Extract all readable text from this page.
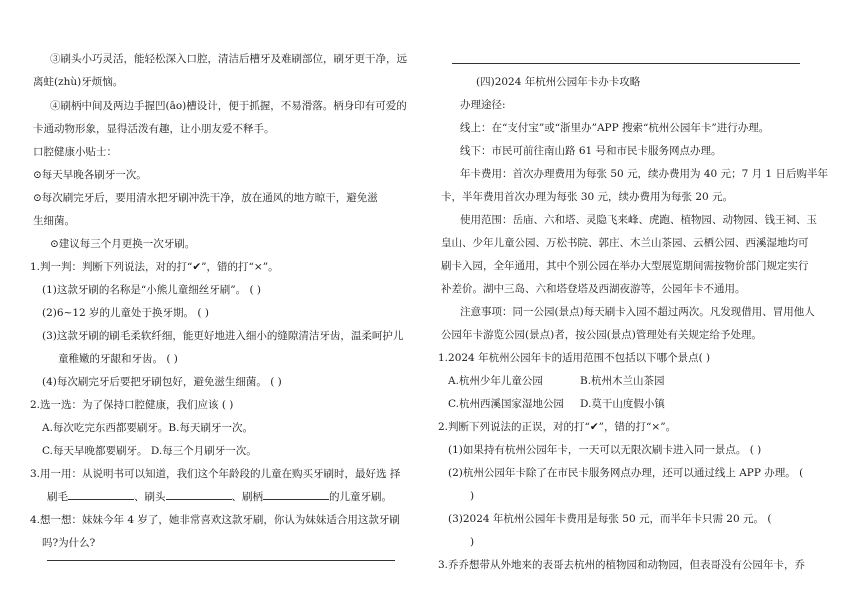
③刷头小巧灵活，能轻松深入口腔，清洁后槽牙及难刷部位，刷牙更干净，远
离蛀(zhù)牙烦恼。
④刷柄中间及两边手握凹(āo)槽设计，便于抓握，不易滑落。柄身印有可爱的
卡通动物形象，显得活泼有趣，让小朋友爱不释手。
口腔健康小贴士：
⊙每天早晚各刷牙一次。
⊙每次刷完牙后，要用清水把牙刷冲洗干净，放在通风的地方晾干，避免滋
生细菌。
⊙建议每三个月更换一次牙刷。
1.判一判：判断下列说法，对的打“✔”，错的打“×”。
(1)这款牙刷的名称是“小熊儿童细丝牙刷”。 ( )
(2)6~12 岁的儿童处于换牙期。 ( )
(3)这款牙刷的刷毛柔软纤细，能更好地进入细小的缝隙清洁牙齿，温柔呵护儿
童稚嫩的牙龈和牙齿。 ( )
(4)每次刷完牙后要把牙刷包好，避免滋生细菌。 ( )
2.选一选：为了保持口腔健康，我们应该 ( )
A.每次吃完东西都要刷牙。B.每天刷牙一次。
C.每天早晚都要刷牙。 D.每三个月刷牙一次。
3.用一用：从说明书可以知道，我们这个年龄段的儿童在购买牙刷时，最好选 择
刷毛	、刷头	、刷柄	的儿童牙刷。
4.想一想：妹妹今年 4 岁了，她非常喜欢这款牙刷，你认为妹妹适合用这款牙刷
吗?为什么?
(四)2024 年杭州公园年卡办卡攻略
办理途径:
线上：在“支付宝”或“浙里办”APP 搜索“杭州公园年卡”进行办理。
线下：市民可前往南山路 61 号和市民卡服务网点办理。
年卡费用：首次办理费用为每张 50 元，续办费用为 40 元；7 月 1 日后购半年
卡，半年费用首次办理为每张 30 元，续办费用为每张 20 元。
使用范围：岳庙、六和塔、灵隐飞来峰、虎跑、植物园、动物园、钱王祠、玉
皇山、少年儿童公园、万松书院、郭庄、木兰山茶园、云栖公园、西溪湿地均可
刷卡入园，全年通用，其中个别公园在举办大型展览期间需按物价部门规定实行
补差价。湖中三岛、六和塔登塔及西湖夜游等，公园年卡不通用。
注意事项：同一公园(景点)每天刷卡入园不超过两次。凡发现借用、冒用他人
公园年卡游览公园(景点)者，按公园(景点)管理处有关规定给予处理。
1.2024 年杭州公园年卡的适用范围不包括以下哪个景点( )
A.杭州少年儿童公园	B.杭州木兰山茶园
C.杭州西溪国家湿地公园 D.莫干山度假小镇
2.判断下列说法的正误，对的打“✔”，错的打“×”。
(1)如果持有杭州公园年卡，一天可以无限次刷卡进入同一景点。 ( )
(2)杭州公园年卡除了在市民卡服务网点办理，还可以通过线上 APP 办理。 (
)
(3)2024 年杭州公园年卡费用是每张 50 元，而半年卡只需 20 元。 (
)
3.乔乔想带从外地来的表哥去杭州的植物园和动物园，但表哥没有公园年卡，乔
